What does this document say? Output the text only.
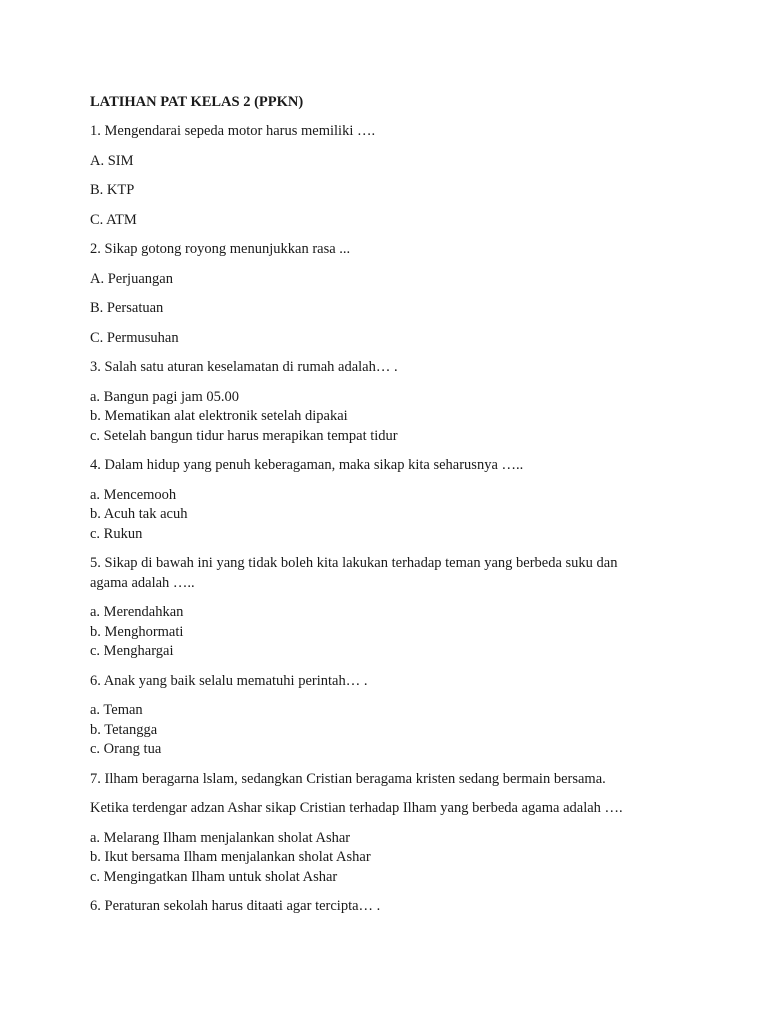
LATIHAN PAT KELAS 2 (PPKN)
1. Mengendarai sepeda motor harus memiliki ….
A. SIM
B. KTP
C. ATM
2. Sikap gotong royong menunjukkan rasa ...
A. Perjuangan
B. Persatuan
C. Permusuhan
3. Salah satu aturan keselamatan di rumah adalah… .
a. Bangun pagi jam 05.00
b. Mematikan alat elektronik setelah dipakai
c. Setelah bangun tidur harus merapikan tempat tidur
4. Dalam hidup yang penuh keberagaman, maka sikap kita seharusnya …..
a. Mencemooh
b. Acuh tak acuh
c. Rukun
5. Sikap di bawah ini yang tidak boleh kita lakukan terhadap teman yang berbeda suku dan
agama adalah …..
a. Merendahkan
b. Menghormati
c. Menghargai
6. Anak yang baik selalu mematuhi perintah… .
a. Teman
b. Tetangga
c. Orang tua
7. Ilham beragarna lslam, sedangkan Cristian beragama kristen sedang bermain bersama.
Ketika terdengar adzan Ashar sikap Cristian terhadap Ilham yang berbeda agama adalah ….
a. Melarang Ilham menjalankan sholat Ashar
b. Ikut bersama Ilham menjalankan sholat Ashar
c. Mengingatkan Ilham untuk sholat Ashar
6. Peraturan sekolah harus ditaati agar tercipta… .
